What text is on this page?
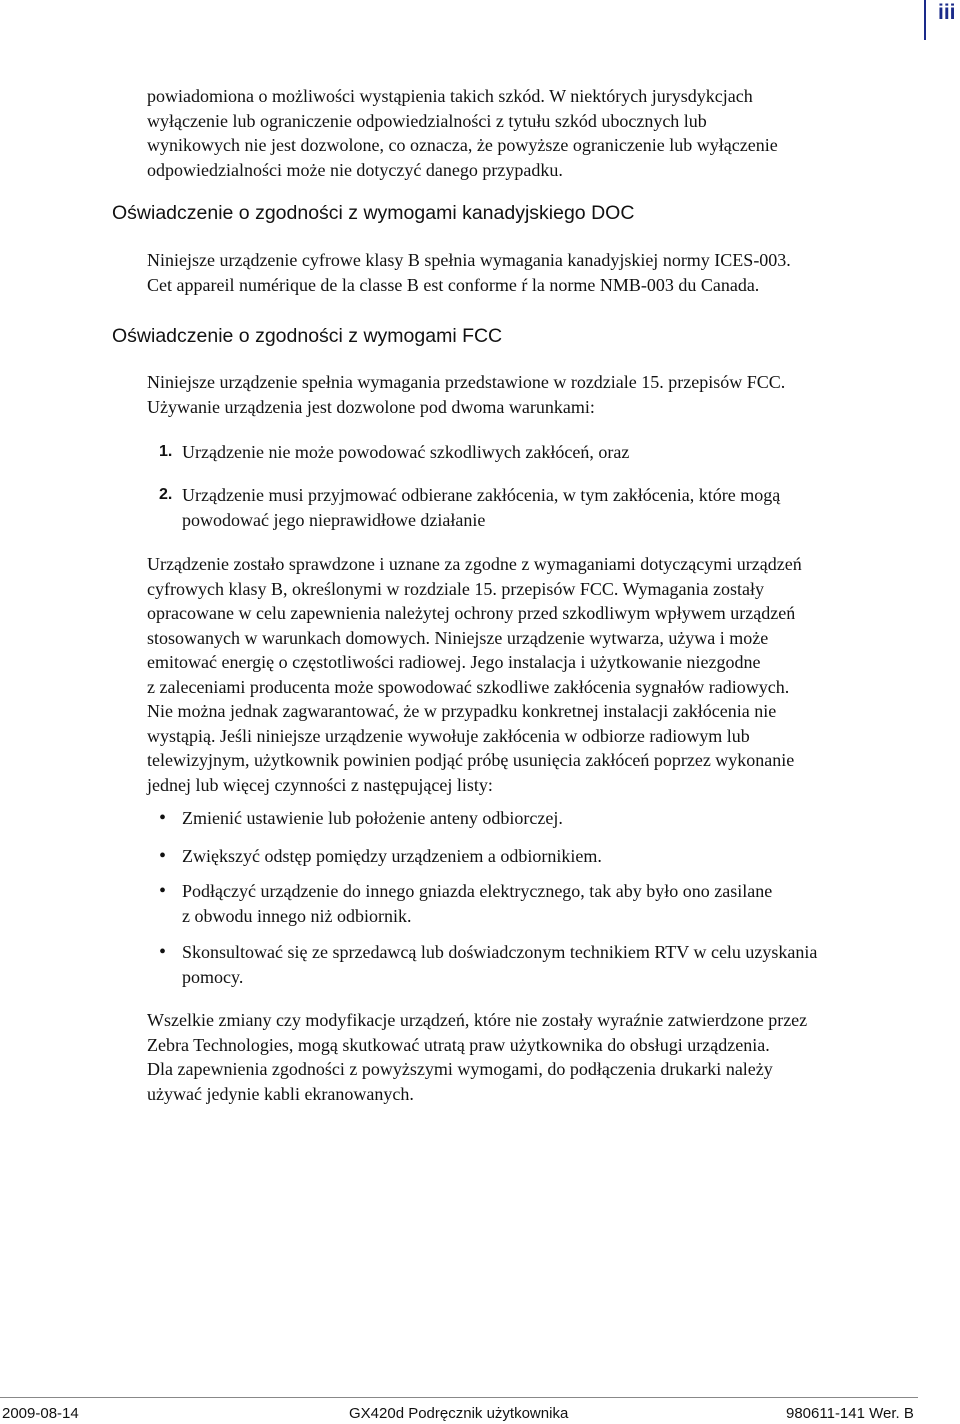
iii

powiadomiona o możliwości wystąpienia takich szkód. W niektórych jurysdykcjach

wyłączenie lub ograniczenie odpowiedzialności z tytułu szkód ubocznych lub

wynikowych nie jest dozwolone, co oznacza, że powyższe ograniczenie lub wyłączenie

odpowiedzialności może nie dotyczyć danego przypadku.

Oświadczenie o zgodności z wymogami kanadyjskiego DOC

Niniejsze urządzenie cyfrowe klasy B spełnia wymagania kanadyjskiej normy ICES-003.

Cet appareil numérique de la classe B est conforme ŕ la norme NMB-003 du Canada.

Oświadczenie o zgodności z wymogami FCC

Niniejsze urządzenie spełnia wymagania przedstawione w rozdziale 15. przepisów FCC.

Używanie urządzenia jest dozwolone pod dwoma warunkami:

1. Urządzenie nie może powodować szkodliwych zakłóceń, oraz
2. Urządzenie musi przyjmować odbierane zakłócenia, w tym zakłócenia, które mogą
powodować jego nieprawidłowe działanie

Urządzenie zostało sprawdzone i uznane za zgodne z wymaganiami dotyczącymi urządzeń

cyfrowych klasy B, określonymi w rozdziale 15. przepisów FCC. Wymagania zostały

opracowane w celu zapewnienia należytej ochrony przed szkodliwym wpływem urządzeń

stosowanych w warunkach domowych. Niniejsze urządzenie wytwarza, używa i może

emitować energię o częstotliwości radiowej. Jego instalacja i użytkowanie niezgodne

z zaleceniami producenta może spowodować szkodliwe zakłócenia sygnałów radiowych.

Nie można jednak zagwarantować, że w przypadku konkretnej instalacji zakłócenia nie

wystąpią. Jeśli niniejsze urządzenie wywołuje zakłócenia w odbiorze radiowym lub

telewizyjnym, użytkownik powinien podjąć próbę usunięcia zakłóceń poprzez wykonanie

jednej lub więcej czynności z następującej listy:

• Zmienić ustawienie lub położenie anteny odbiorczej.
• Zwiększyć odstęp pomiędzy urządzeniem a odbiornikiem.
• Podłączyć urządzenie do innego gniazda elektrycznego, tak aby było ono zasilane
z obwodu innego niż odbiornik.
• Skonsultować się ze sprzedawcą lub doświadczonym technikiem RTV w celu uzyskania
pomocy.

Wszelkie zmiany czy modyfikacje urządzeń, które nie zostały wyraźnie zatwierdzone przez

Zebra Technologies, mogą skutkować utratą praw użytkownika do obsługi urządzenia.

Dla zapewnienia zgodności z powyższymi wymogami, do podłączenia drukarki należy

używać jedynie kabli ekranowanych.

2009-08-14	GX420d Podręcznik użytkownika	980611-141 Wer. B
